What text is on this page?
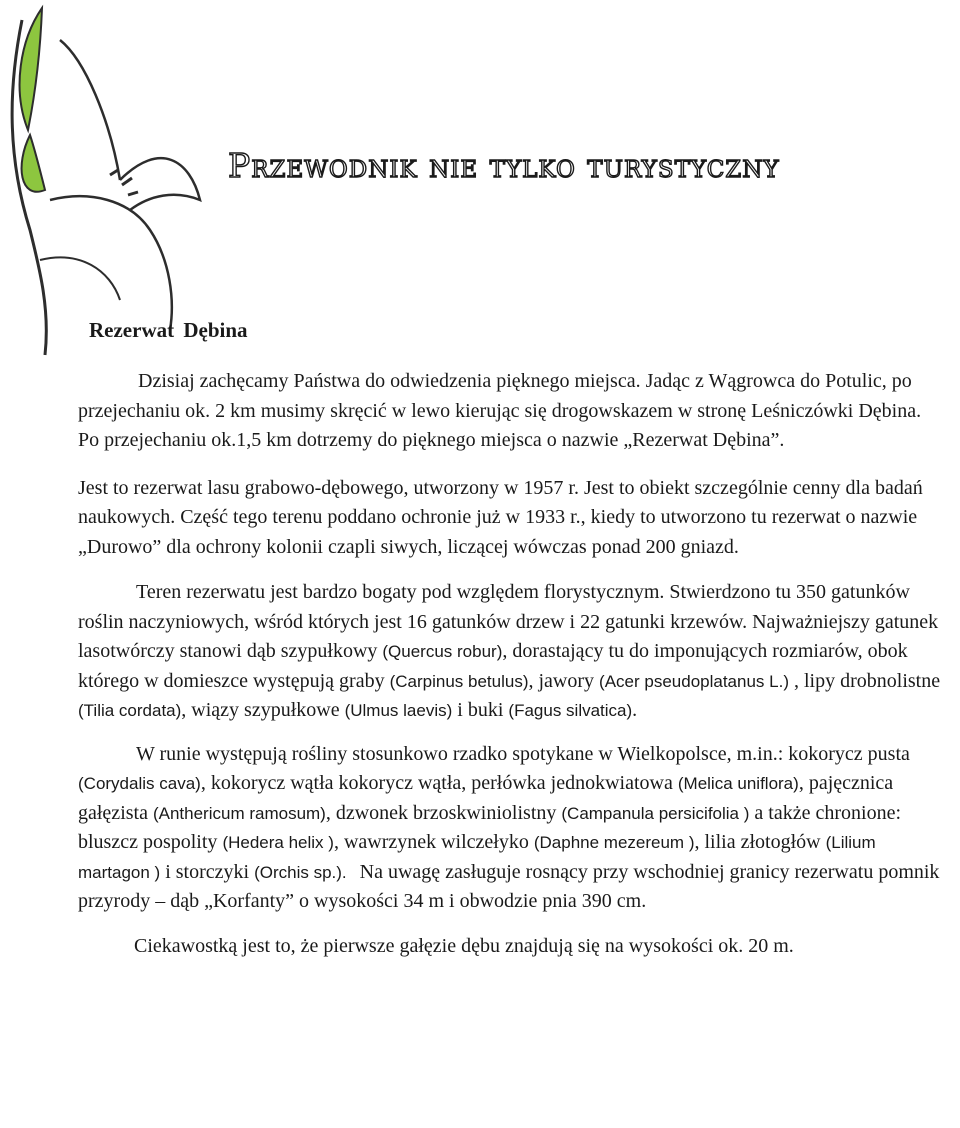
Przewodnik nie tylko turystyczny
Rezerwat Dębina

Dzisiaj zachęcamy Państwa do odwiedzenia pięknego miejsca. Jadąc z Wągrowca do Potulic, po przejechaniu ok. 2 km musimy skręcić w lewo kierując się drogowskazem w stronę Leśniczówki Dębina. Po przejechaniu ok.1,5 km dotrzemy do pięknego miejsca o nazwie „Rezerwat Dębina”.

Jest to rezerwat lasu grabowo-dębowego, utworzony w 1957 r. Jest to obiekt szczególnie cenny dla badań naukowych. Część tego terenu poddano ochronie już w 1933 r., kiedy to utworzono tu rezerwat o nazwie „Durowo” dla ochrony kolonii czapli siwych, liczącej wówczas ponad 200 gniazd.

Teren rezerwatu jest bardzo bogaty pod względem florystycznym. Stwierdzono tu 350 gatunków roślin naczyniowych, wśród których jest 16 gatunków drzew i 22 gatunki krzewów. Najważniejszy gatunek lasotwórczy stanowi dąb szypułkowy (Quercus robur), dorastający tu do imponujących rozmiarów, obok którego w domieszce występują graby (Carpinus betulus), jawory (Acer pseudoplatanus L.) , lipy drobnolistne (Tilia cordata), wiązy szypułkowe (Ulmus laevis) i buki (Fagus silvatica).

W runie występują rośliny stosunkowo rzadko spotykane w Wielkopolsce, m.in.: kokorycz pusta (Corydalis cava), kokorycz wątła kokorycz wątła, perłówka jednokwiatowa (Melica uniflora), pajęcznica gałęzista (Anthericum ramosum), dzwonek brzoskwiniolistny (Campanula persicifolia ) a także chronione: bluszcz pospolity (Hedera helix ), wawrzynek wilczełyko (Daphne mezereum ), lilia złotogłów (Lilium martagon ) i storczyki (Orchis sp.). Na uwagę zasługuje rosnący przy wschodniej granicy rezerwatu pomnik przyrody – dąb „Korfanty” o wysokości 34 m i obwodzie pnia 390 cm.

Ciekawostką jest to, że pierwsze gałęzie dębu znajdują się na wysokości ok. 20 m.
